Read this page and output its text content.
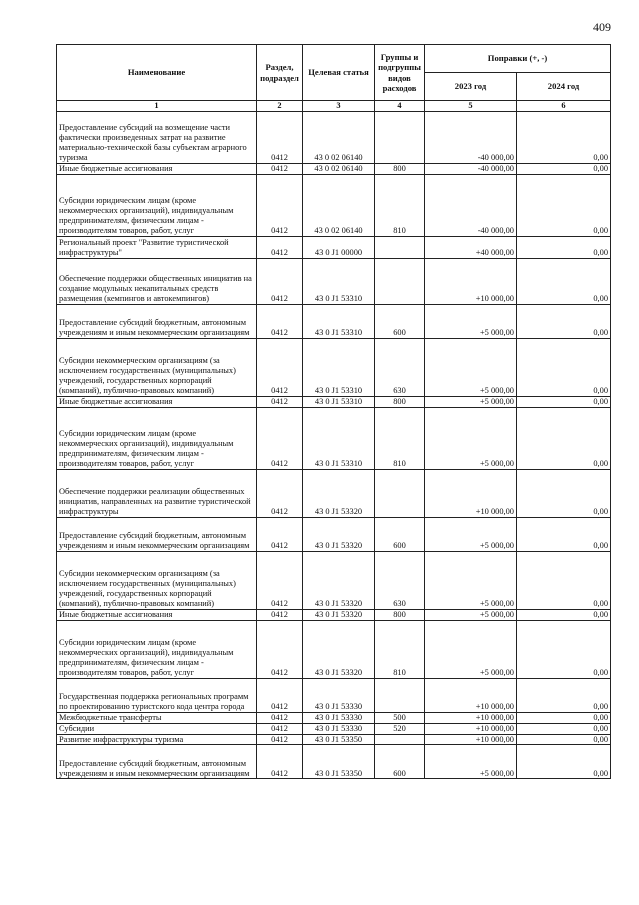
409
Наименование	Раздел, подраздел	Целевая статья	Группы и подгруппы видов расходов	Поправки (+, -)	
				2023 год	2024 год
1	2	3	4	5	6
Предоставление субсидий на возмещение части фактически произведенных затрат на развитие материально-технической базы субъектам аграрного туризма	0412	43 0 02 06140		-40 000,00	0,00
Иные бюджетные ассигнования	0412	43 0 02 06140	800	-40 000,00	0,00
Субсидии юридическим лицам (кроме некоммерческих организаций), индивидуальным предпринимателям, физическим лицам - производителям товаров, работ, услуг	0412	43 0 02 06140	810	-40 000,00	0,00
Региональный проект "Развитие туристической инфраструктуры"	0412	43 0 J1 00000		+40 000,00	0,00
Обеспечение поддержки общественных инициатив на создание модульных некапитальных средств размещения (кемпингов и автокемпингов)	0412	43 0 J1 53310		+10 000,00	0,00
Предоставление субсидий бюджетным, автономным учреждениям и иным некоммерческим организациям	0412	43 0 J1 53310	600	+5 000,00	0,00
Субсидии некоммерческим организациям (за исключением государственных (муниципальных) учреждений, государственных корпораций (компаний), публично-правовых компаний)	0412	43 0 J1 53310	630	+5 000,00	0,00
Иные бюджетные ассигнования	0412	43 0 J1 53310	800	+5 000,00	0,00
Субсидии юридическим лицам (кроме некоммерческих организаций), индивидуальным предпринимателям, физическим лицам - производителям товаров, работ, услуг	0412	43 0 J1 53310	810	+5 000,00	0,00
Обеспечение поддержки реализации общественных инициатив, направленных на развитие туристической инфраструктуры	0412	43 0 J1 53320		+10 000,00	0,00
Предоставление субсидий бюджетным, автономным учреждениям и иным некоммерческим организациям	0412	43 0 J1 53320	600	+5 000,00	0,00
Субсидии некоммерческим организациям (за исключением государственных (муниципальных) учреждений, государственных корпораций (компаний), публично-правовых компаний)	0412	43 0 J1 53320	630	+5 000,00	0,00
Иные бюджетные ассигнования	0412	43 0 J1 53320	800	+5 000,00	0,00
Субсидии юридическим лицам (кроме некоммерческих организаций), индивидуальным предпринимателям, физическим лицам - производителям товаров, работ, услуг	0412	43 0 J1 53320	810	+5 000,00	0,00
Государственная поддержка региональных программ по проектированию туристского кода центра города	0412	43 0 J1 53330		+10 000,00	0,00
Межбюджетные трансферты	0412	43 0 J1 53330	500	+10 000,00	0,00
Субсидии	0412	43 0 J1 53330	520	+10 000,00	0,00
Развитие инфраструктуры туризма	0412	43 0 J1 53350		+10 000,00	0,00
Предоставление субсидий бюджетным, автономным учреждениям и иным некоммерческим организациям	0412	43 0 J1 53350	600	+5 000,00	0,00
